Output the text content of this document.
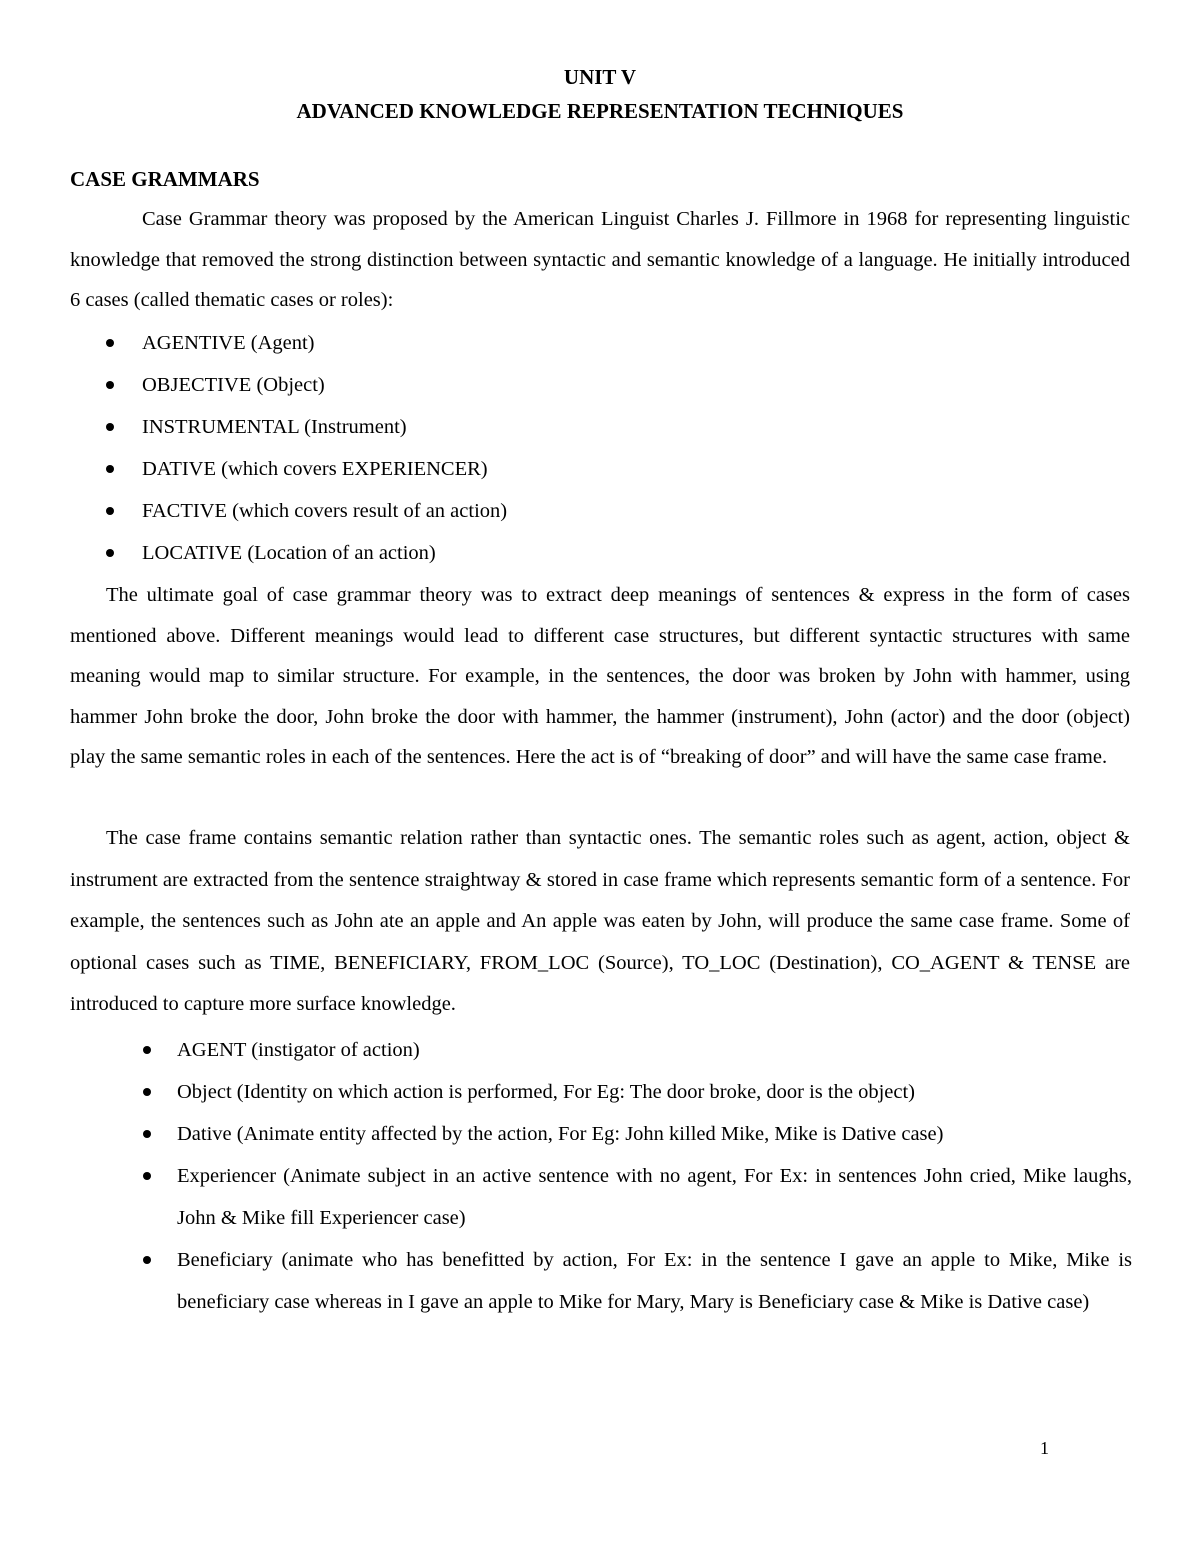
UNIT V
ADVANCED KNOWLEDGE REPRESENTATION TECHNIQUES
CASE GRAMMARS

Case Grammar theory was proposed by the American Linguist Charles J. Fillmore in 1968 for representing linguistic knowledge that removed the strong distinction between syntactic and semantic knowledge of a language. He initially introduced 6 cases (called thematic cases or roles):

AGENTIVE (Agent)
OBJECTIVE (Object)
INSTRUMENTAL (Instrument)
DATIVE (which covers EXPERIENCER)
FACTIVE (which covers result of an action)
LOCATIVE (Location of an action)

The ultimate goal of case grammar theory was to extract deep meanings of sentences & express in the form of cases mentioned above. Different meanings would lead to different case structures, but different syntactic structures with same meaning would map to similar structure. For example, in the sentences, the door was broken by John with hammer, using hammer John broke the door, John broke the door with hammer, the hammer (instrument), John (actor) and the door (object) play the same semantic roles in each of the sentences. Here the act is of “breaking of door” and will have the same case frame.

The case frame contains semantic relation rather than syntactic ones. The semantic roles such as agent, action, object & instrument are extracted from the sentence straightway & stored in case frame which represents semantic form of a sentence. For example, the sentences such as John ate an apple and An apple was eaten by John, will produce the same case frame. Some of optional cases such as TIME, BENEFICIARY, FROM_LOC (Source), TO_LOC (Destination), CO_AGENT & TENSE are introduced to capture more surface knowledge.

AGENT (instigator of action)
Object (Identity on which action is performed, For Eg: The door broke, door is the object)
Dative (Animate entity affected by the action, For Eg: John killed Mike, Mike is Dative case)
Experiencer (Animate subject in an active sentence with no agent, For Ex: in sentences John cried, Mike laughs, John & Mike fill Experiencer case)
Beneficiary (animate who has benefitted by action, For Ex: in the sentence I gave an apple to Mike, Mike is beneficiary case whereas in I gave an apple to Mike for Mary, Mary is Beneficiary case & Mike is Dative case)
1
